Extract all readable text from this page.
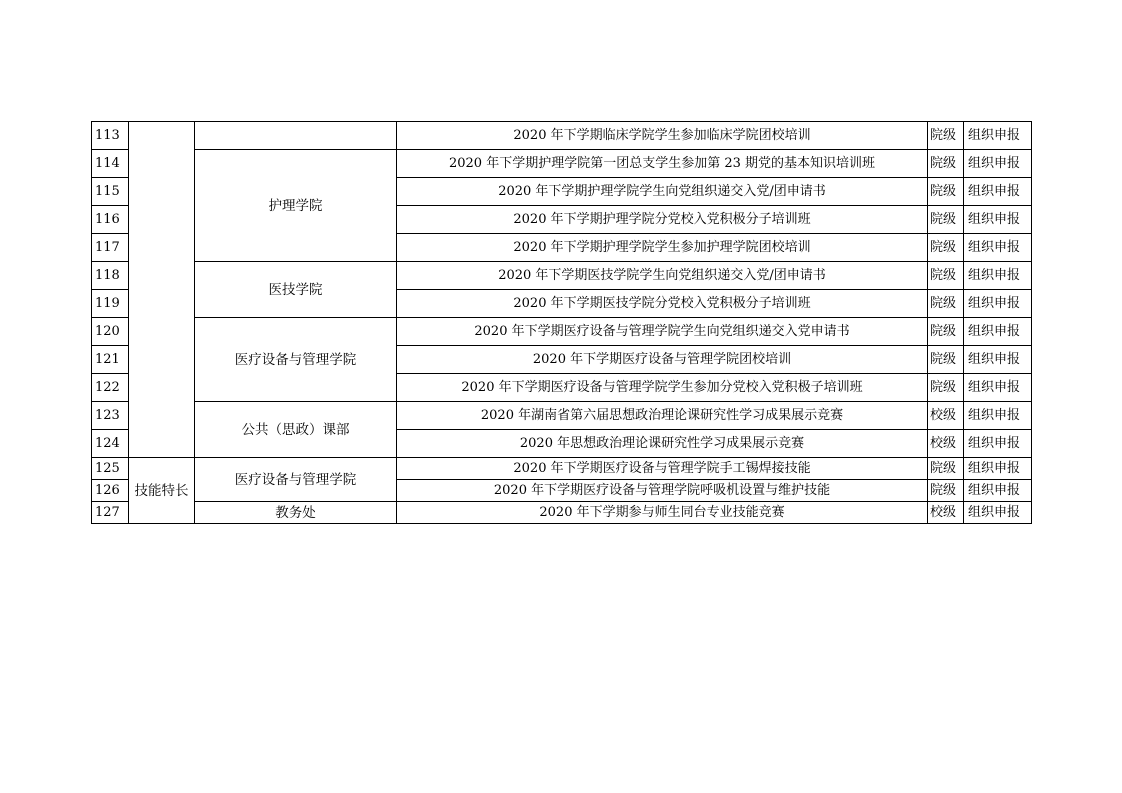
113			2020 年下学期临床学院学生参加临床学院团校培训	院级	组织申报
114		护理学院	2020 年下学期护理学院第一团总支学生参加第 23 期党的基本知识培训班	院级	组织申报
115			2020 年下学期护理学院学生向党组织递交入党/团申请书	院级	组织申报
116			2020 年下学期护理学院分党校入党积极分子培训班	院级	组织申报
117			2020 年下学期护理学院学生参加护理学院团校培训	院级	组织申报
118		医技学院	2020 年下学期医技学院学生向党组织递交入党/团申请书	院级	组织申报
119			2020 年下学期医技学院分党校入党积极分子培训班	院级	组织申报
120		医疗设备与管理学院	2020 年下学期医疗设备与管理学院学生向党组织递交入党申请书	院级	组织申报
121			2020 年下学期医疗设备与管理学院团校培训	院级	组织申报
122			2020 年下学期医疗设备与管理学院学生参加分党校入党积极子培训班	院级	组织申报
123		公共（思政）课部	2020 年湖南省第六届思想政治理论课研究性学习成果展示竞赛	校级	组织申报
124			2020 年思想政治理论课研究性学习成果展示竞赛	校级	组织申报
125	技能特长	医疗设备与管理学院	2020 年下学期医疗设备与管理学院手工锡焊接技能	院级	组织申报
126			2020 年下学期医疗设备与管理学院呼吸机设置与维护技能	院级	组织申报
127		教务处	2020 年下学期参与师生同台专业技能竞赛	校级	组织申报
